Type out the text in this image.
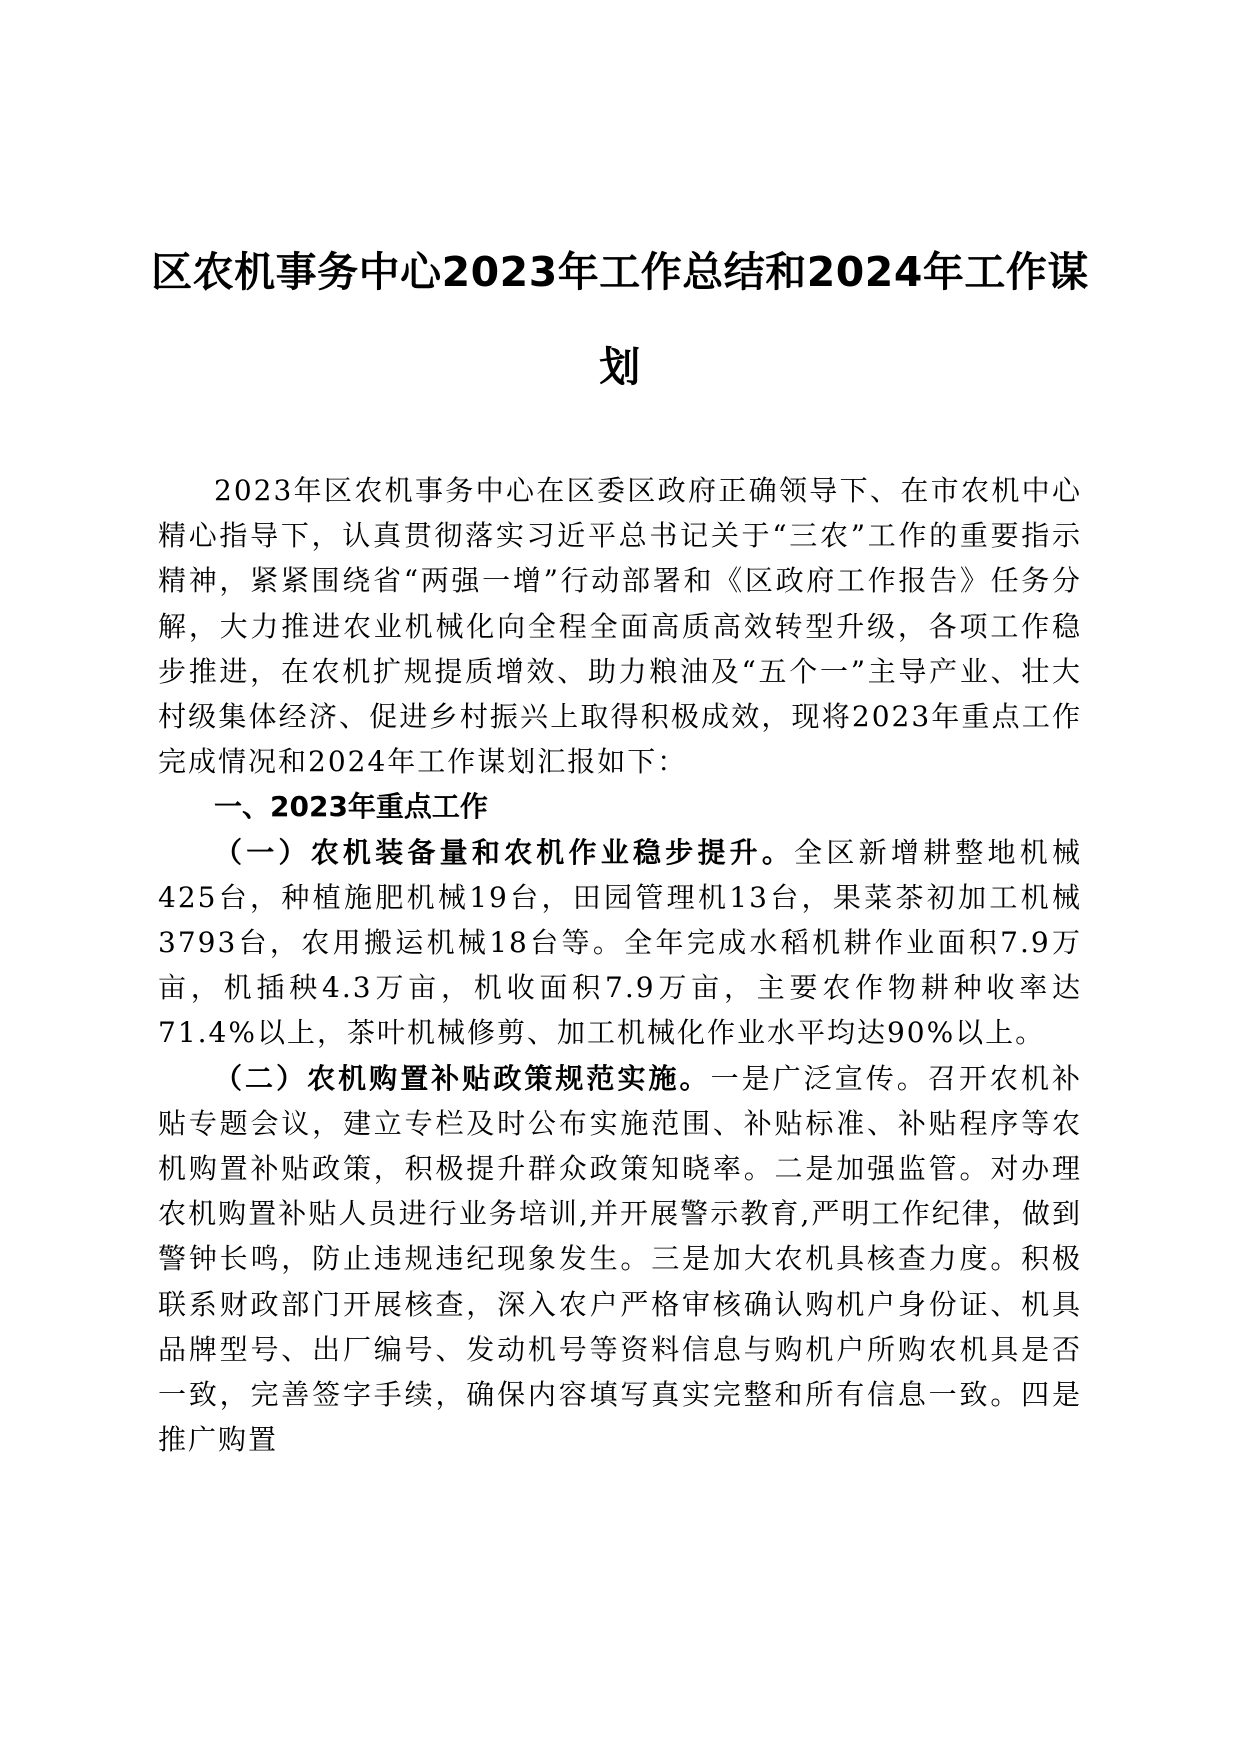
区农机事务中心2023年工作总结和2024年工作谋划

2023年区农机事务中心在区委区政府正确领导下、在市农机中心精心指导下，认真贯彻落实习近平总书记关于“三农”工作的重要指示精神，紧紧围绕省“两强一增”行动部署和《区政府工作报告》任务分解，大力推进农业机械化向全程全面高质高效转型升级，各项工作稳步推进，在农机扩规提质增效、助力粮油及“五个一”主导产业、壮大村级集体经济、促进乡村振兴上取得积极成效，现将2023年重点工作完成情况和2024年工作谋划汇报如下：

一、2023年重点工作

（一）农机装备量和农机作业稳步提升。全区新增耕整地机械425台，种植施肥机械19台，田园管理机13台，果菜茶初加工机械3793台，农用搬运机械18台等。全年完成水稻机耕作业面积7.9万亩，机插秧4.3万亩，机收面积7.9万亩，主要农作物耕种收率达71.4%以上，茶叶机械修剪、加工机械化作业水平均达90%以上。

（二）农机购置补贴政策规范实施。一是广泛宣传。召开农机补贴专题会议，建立专栏及时公布实施范围、补贴标准、补贴程序等农机购置补贴政策，积极提升群众政策知晓率。二是加强监管。对办理农机购置补贴人员进行业务培训,并开展警示教育,严明工作纪律，做到警钟长鸣，防止违规违纪现象发生。三是加大农机具核查力度。积极联系财政部门开展核查，深入农户严格审核确认购机户身份证、机具品牌型号、出厂编号、发动机号等资料信息与购机户所购农机具是否一致，完善签字手续，确保内容填写真实完整和所有信息一致。四是推广购置
